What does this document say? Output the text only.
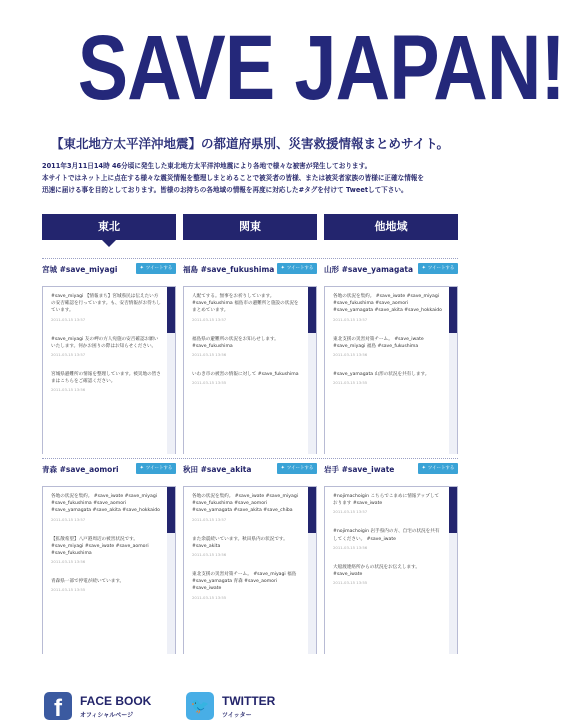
SAVE JAPAN!
【東北地方太平洋沖地震】の都道府県別、災害救援情報まとめサイト。

2011年3月11日14時 46分頃に発生した東北地方太平洋沖地震により各地で様々な被害が発生しております。

本サイトではネット上に点在する様々な震災情報を整理しまとめることで被災者の皆様、または被災者家族の皆様に正確な情報を

迅速に届ける事を目的としております。皆様のお持ちの各地域の情報を再度に対応した#タグを付けて Tweetして下さい。

東北	関東	他地域
宮城 #save_miyagi	✦ ツイートする
#save_miyagi 【情報まち】宮城県民は伝えたい方の安否確認を行っています。も、安否情報がお待ちしています。
2011-03-15 13:57
#save_miyagi 友の岬の方人宛施の安否確認お願いいたします。何かお困りの際はお知らせください。
2011-03-15 13:57
宮城県避難所の情報を整理しています。被災地の皆さまはこちらをご確認ください。
2011-03-15 13:56
福島 #save_fukushima	✦ ツイートする
人配てする。無事をお祈りしています。 #save_fukushima 福島市の避難所と施設の状況をまとめています。
2011-03-15 13:57
福島県の避難所の状況をお知らせします。 #save_fukushima
2011-03-15 13:56
いわき市の被害の情報に対して #save_fukushima
2011-03-15 13:55
山形 #save_yamagata	✦ ツイートする
各地の状況を集約。 #save_iwate #save_miyagi #save_fukushima #save_aomori #save_yamagata #save_akita #save_hokkaido
2011-03-15 13:57
東北支援の災害対策チーム。 #save_iwate #save_miyagi 福島 #save_fukushima
2011-03-15 13:56
#save_yamagata 山形の状況を共有します。
2011-03-15 13:55
青森 #save_aomori	✦ ツイートする
各地の状況を集約。 #save_iwate #save_miyagi #save_fukushima #save_aomori #save_yamagata #save_akita #save_hokkaido
2011-03-15 13:57
【拡散希望】八戸港周辺の被害状況です。 #save_miyagi #save_iwate #save_aomori #save_fukushima
2011-03-15 13:56
青森県一部で停電が続いています。
2011-03-15 13:55
秋田 #save_akita	✦ ツイートする
各地の状況を集約。 #save_iwate #save_miyagi #save_fukushima #save_aomori #save_yamagata #save_akita #save_chiba
2011-03-15 13:57
また余震続いています。秋田県内の状況です。 #save_akita
2011-03-15 13:56
東北支援の災害対策チーム。 #save_miyagi 福島 #save_yamagata 青森 #save_aomori #save_iwate
2011-03-15 13:55
岩手 #save_iwate	✦ ツイートする
#nojimachoigin こちらでこまめに情報アップしております #save_iwate
2011-03-15 13:57
#nojimachoigin 岩手県内の方、自宅の状況を共有してください。 #save_iwate
2011-03-15 13:56
大船渡連絡所からの状況をお伝えします。 #save_iwate
2011-03-15 13:55
f	FACE BOOK
オフィシャルページ
🐦	TWITTER
ツイッター
